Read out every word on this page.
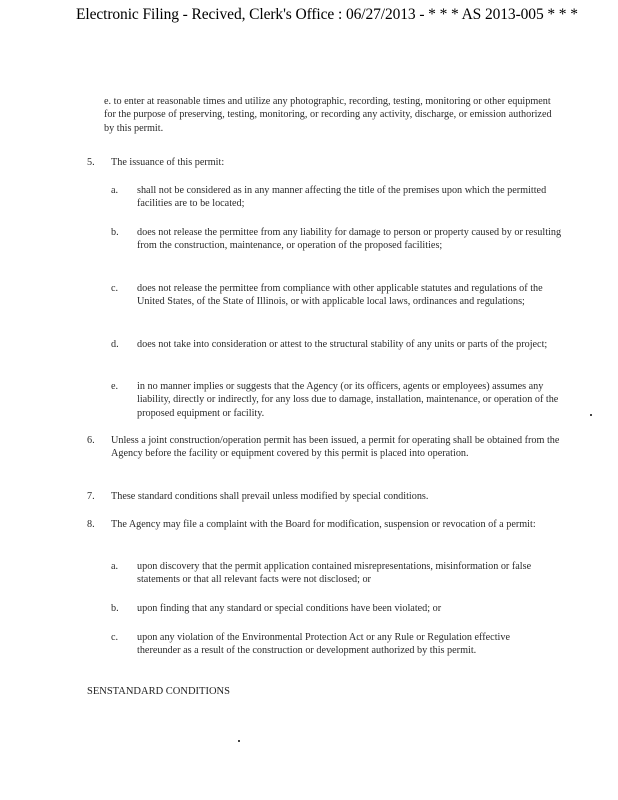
Electronic Filing - Recived, Clerk's Office : 06/27/2013 - * * * AS 2013-005 * * *
e. to enter at reasonable times and utilize any photographic, recording, testing, monitoring or other equipment for the purpose of preserving, testing, monitoring, or recording any activity, discharge, or emission authorized by this permit.
5. The issuance of this permit:
a. shall not be considered as in any manner affecting the title of the premises upon which the permitted facilities are to be located;
b. does not release the permittee from any liability for damage to person or property caused by or resulting from the construction, maintenance, or operation of the proposed facilities;
c. does not release the permittee from compliance with other applicable statutes and regulations of the United States, of the State of Illinois, or with applicable local laws, ordinances and regulations;
d. does not take into consideration or attest to the structural stability of any units or parts of the project;
e. in no manner implies or suggests that the Agency (or its officers, agents or employees) assumes any liability, directly or indirectly, for any loss due to damage, installation, maintenance, or operation of the proposed equipment or facility.
6. Unless a joint construction/operation permit has been issued, a permit for operating shall be obtained from the Agency before the facility or equipment covered by this permit is placed into operation.
7. These standard conditions shall prevail unless modified by special conditions.
8. The Agency may file a complaint with the Board for modification, suspension or revocation of a permit:
a. upon discovery that the permit application contained misrepresentations, misinformation or false statements or that all relevant facts were not disclosed; or
b. upon finding that any standard or special conditions have been violated; or
c. upon any violation of the Environmental Protection Act or any Rule or Regulation effective thereunder as a result of the construction or development authorized by this permit.
SENSTANDARD CONDITIONS
